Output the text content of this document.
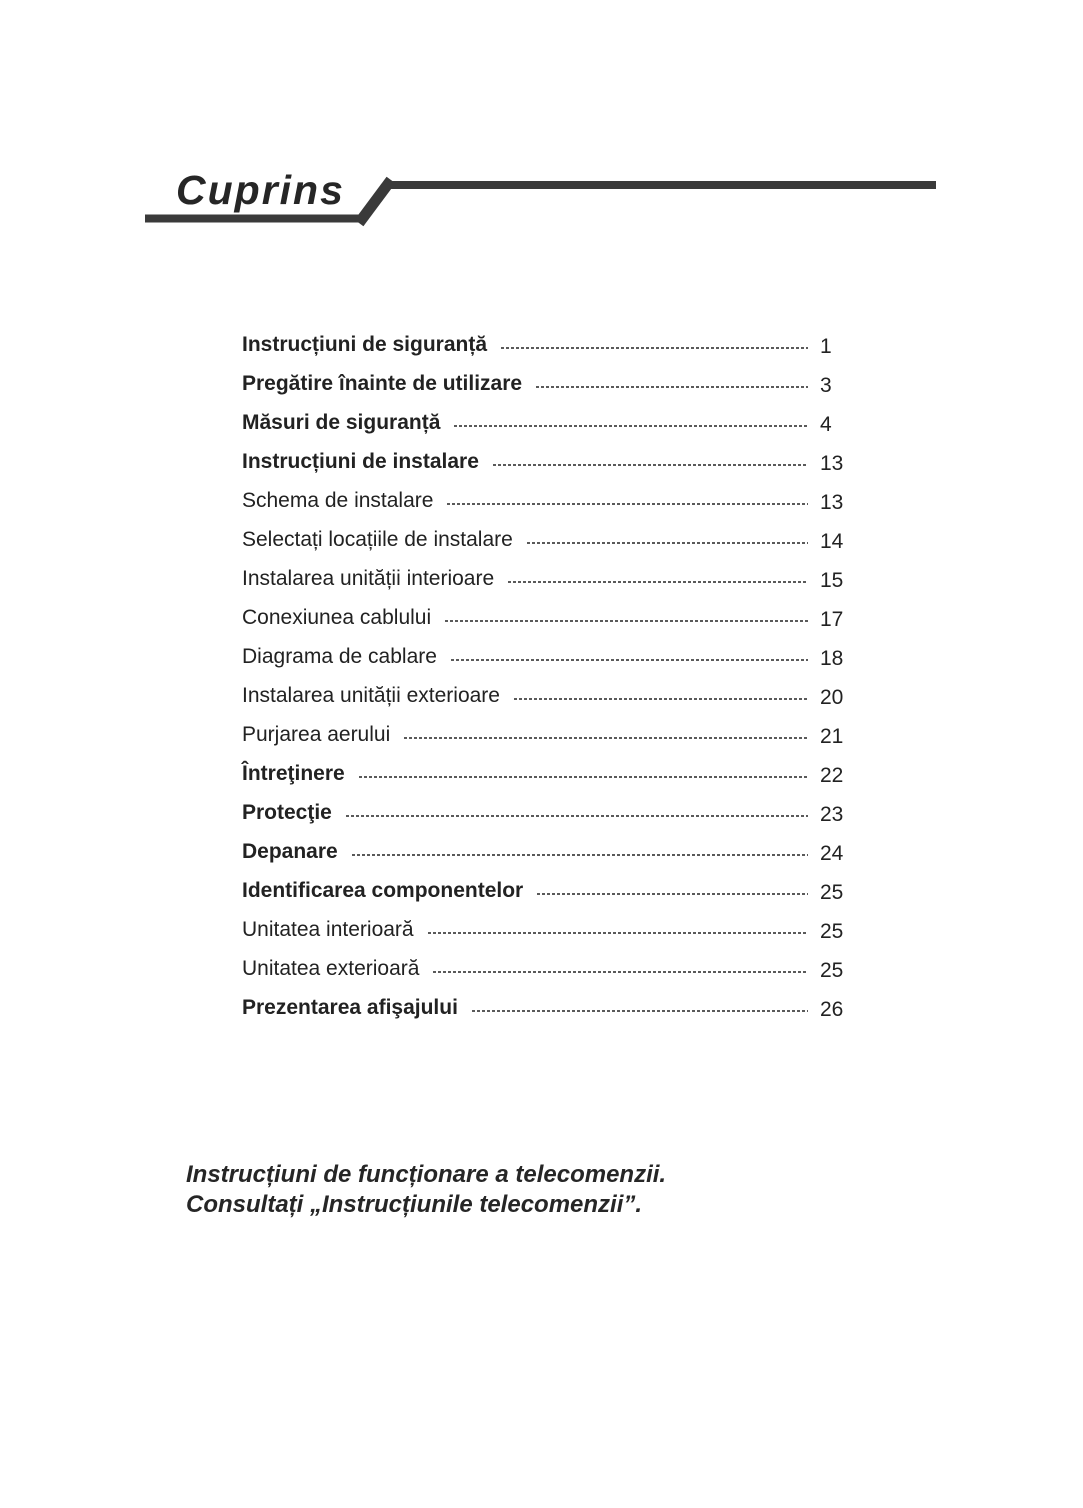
Cuprins
Instrucțiuni de siguranță	1
Pregătire înainte de utilizare	3
Măsuri de siguranță	4
Instrucțiuni de instalare	13
Schema de instalare	13
Selectați locațiile de instalare	14
Instalarea unității interioare	15
Conexiunea cablului	17
Diagrama de cablare	18
Instalarea unității exterioare	20
Purjarea aerului	21
Întreţinere	22
Protecţie	23
Depanare	24
Identificarea componentelor	25
Unitatea interioară	25
Unitatea exterioară	25
Prezentarea afişajului	26
Instrucțiuni de funcționare a telecomenzii.
Consultați „Instrucțiunile telecomenzii”.
